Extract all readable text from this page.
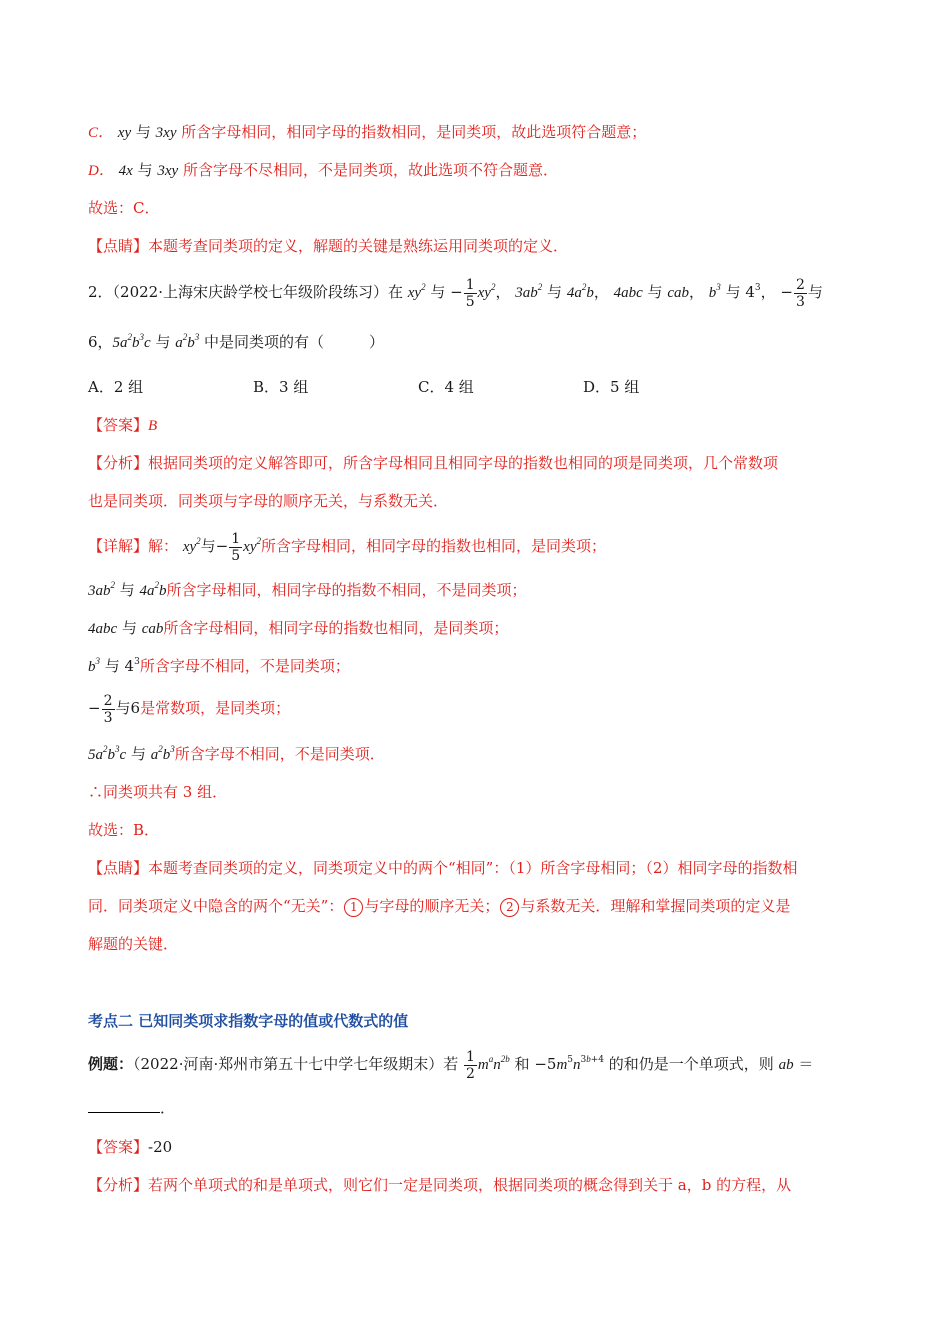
C． xy 与 3xy 所含字母相同，相同字母的指数相同，是同类项，故此选项符合题意；
D． 4x 与 3xy 所含字母不尽相同，不是同类项，故此选项不符合题意．
故选：C．
【点睛】本题考查同类项的定义，解题的关键是熟练运用同类项的定义．
2．（2022·上海宋庆龄学校七年级阶段练习）在 $xy^2$ 与 − $\frac{1}{5} xy^2$， $3ab^2$ 与 $4a^2b$， 4abc 与 cab， $b^3$ 与 $4^3$， − $\frac{2}{3}$ 与
6，$5a^2b^3c$ 与 $a^2b^3$ 中是同类项的有（　　　）
A．2 组	B．3 组	C．4 组	D．5 组
【答案】B
【分析】根据同类项的定义解答即可，所含字母相同且相同字母的指数也相同的项是同类项，几个常数项
也是同类项．同类项与字母的顺序无关，与系数无关．
【详解】解： $xy^2$与− $\frac{1}{5} xy^2$所含字母相同，相同字母的指数也相同，是同类项；
$3ab^2$ 与 $4a^2b$所含字母相同，相同字母的指数不相同，不是同类项；
4abc 与 cab所含字母相同，相同字母的指数也相同，是同类项；
$b^3$ 与 $4^3$所含字母不相同，不是同类项；
− $\frac{2}{3}$ 与6是常数项，是同类项；
$5a^2b^3c$ 与 $a^2b^3$所含字母不相同，不是同类项．
∴同类项共有 3 组．
故选：B．
【点睛】本题考查同类项的定义，同类项定义中的两个“相同”：（1）所含字母相同；（2）相同字母的指数相
同．同类项定义中隐含的两个“无关”： 1 与字母的顺序无关； 2 与系数无关．理解和掌握同类项的定义是
解题的关键．
考点二 已知同类项求指数字母的值或代数式的值
例题：（2022·河南·郑州市第五十七中学七年级期末）若 $\frac{1}{2} m^an^{2b}$ 和 $-5m^5n^{3b+4}$ 的和仍是一个单项式，则 ab ＝
．
【答案】-20
【分析】若两个单项式的和是单项式，则它们一定是同类项，根据同类项的概念得到关于 a，b 的方程，从
